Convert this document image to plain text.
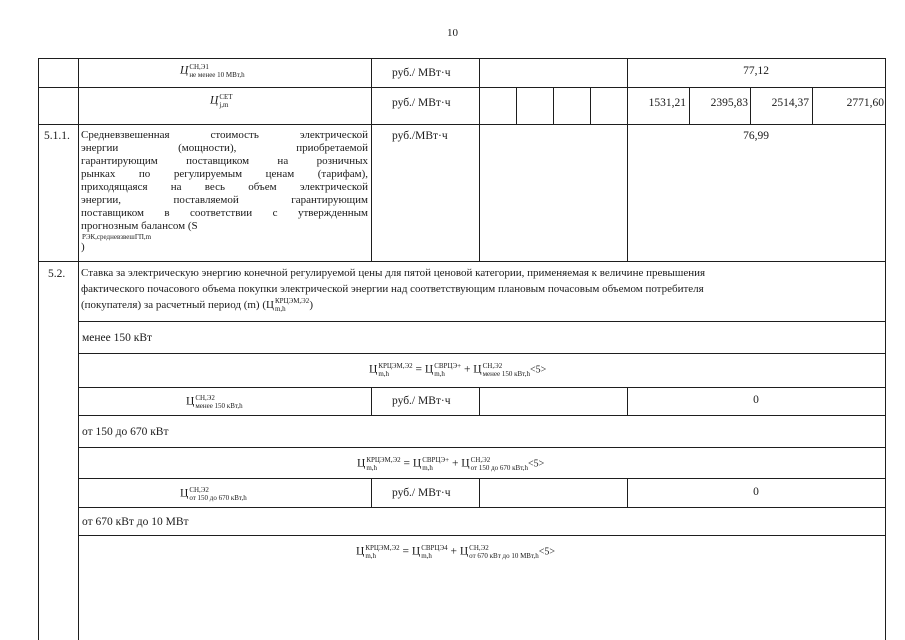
10
Ц СН,Э1
не менее 10 МВт,h	руб./ МВт·ч	77,12
Ц СЕТ
j,m	руб./ МВт·ч	1531,21	2395,83	2514,37	2771,60
5.1.1. Средневзвешенная стоимость электрической
энергии (мощности), приобретаемой
гарантирующим поставщиком на розничных
рынках по регулируемым ценам (тарифам),
приходящаяся на весь объем электрической
энергии, поставляемой гарантирующим
поставщиком в соответствии с утвержденным
прогнозным балансом (S
РЭК,средневзвешГП,m
)
руб./МВт·ч	76,99
5.2. Ставка за электрическую энергию конечной регулируемой цены для пятой ценовой категории, применяемая к величине превышения
фактического почасового объема покупки электрической энергии над соответствующим плановым почасовым объемом потребителя
(покупателя) за расчетный период (m) (Ц КРЦЭМ,Э2
m,h	)
менее 150 кВт
Ц КРЦЭМ,Э2
m,h	= Ц СВРЦЭ+
m,h	+ Ц СН,Э2
менее 150 кВт,h <5>
Ц СН,Э2
менее 150 кВт,h	руб./ МВт·ч	0
от 150 до 670 кВт
Ц КРЦЭМ,Э2
m,h	= Ц СВРЦЭ+
m,h	+ Ц СН,Э2
от 150 до 670 кВт,h <5>
Ц СН,Э2
от 150 до 670 кВт,h	руб./ МВт·ч	0
от 670 кВт до 10 МВт
Ц КРЦЭМ,Э2
m,h	= Ц СВРЦЭ4
m,h	+ Ц СН,Э2
от 670 кВт до 10 МВт,h <5>
